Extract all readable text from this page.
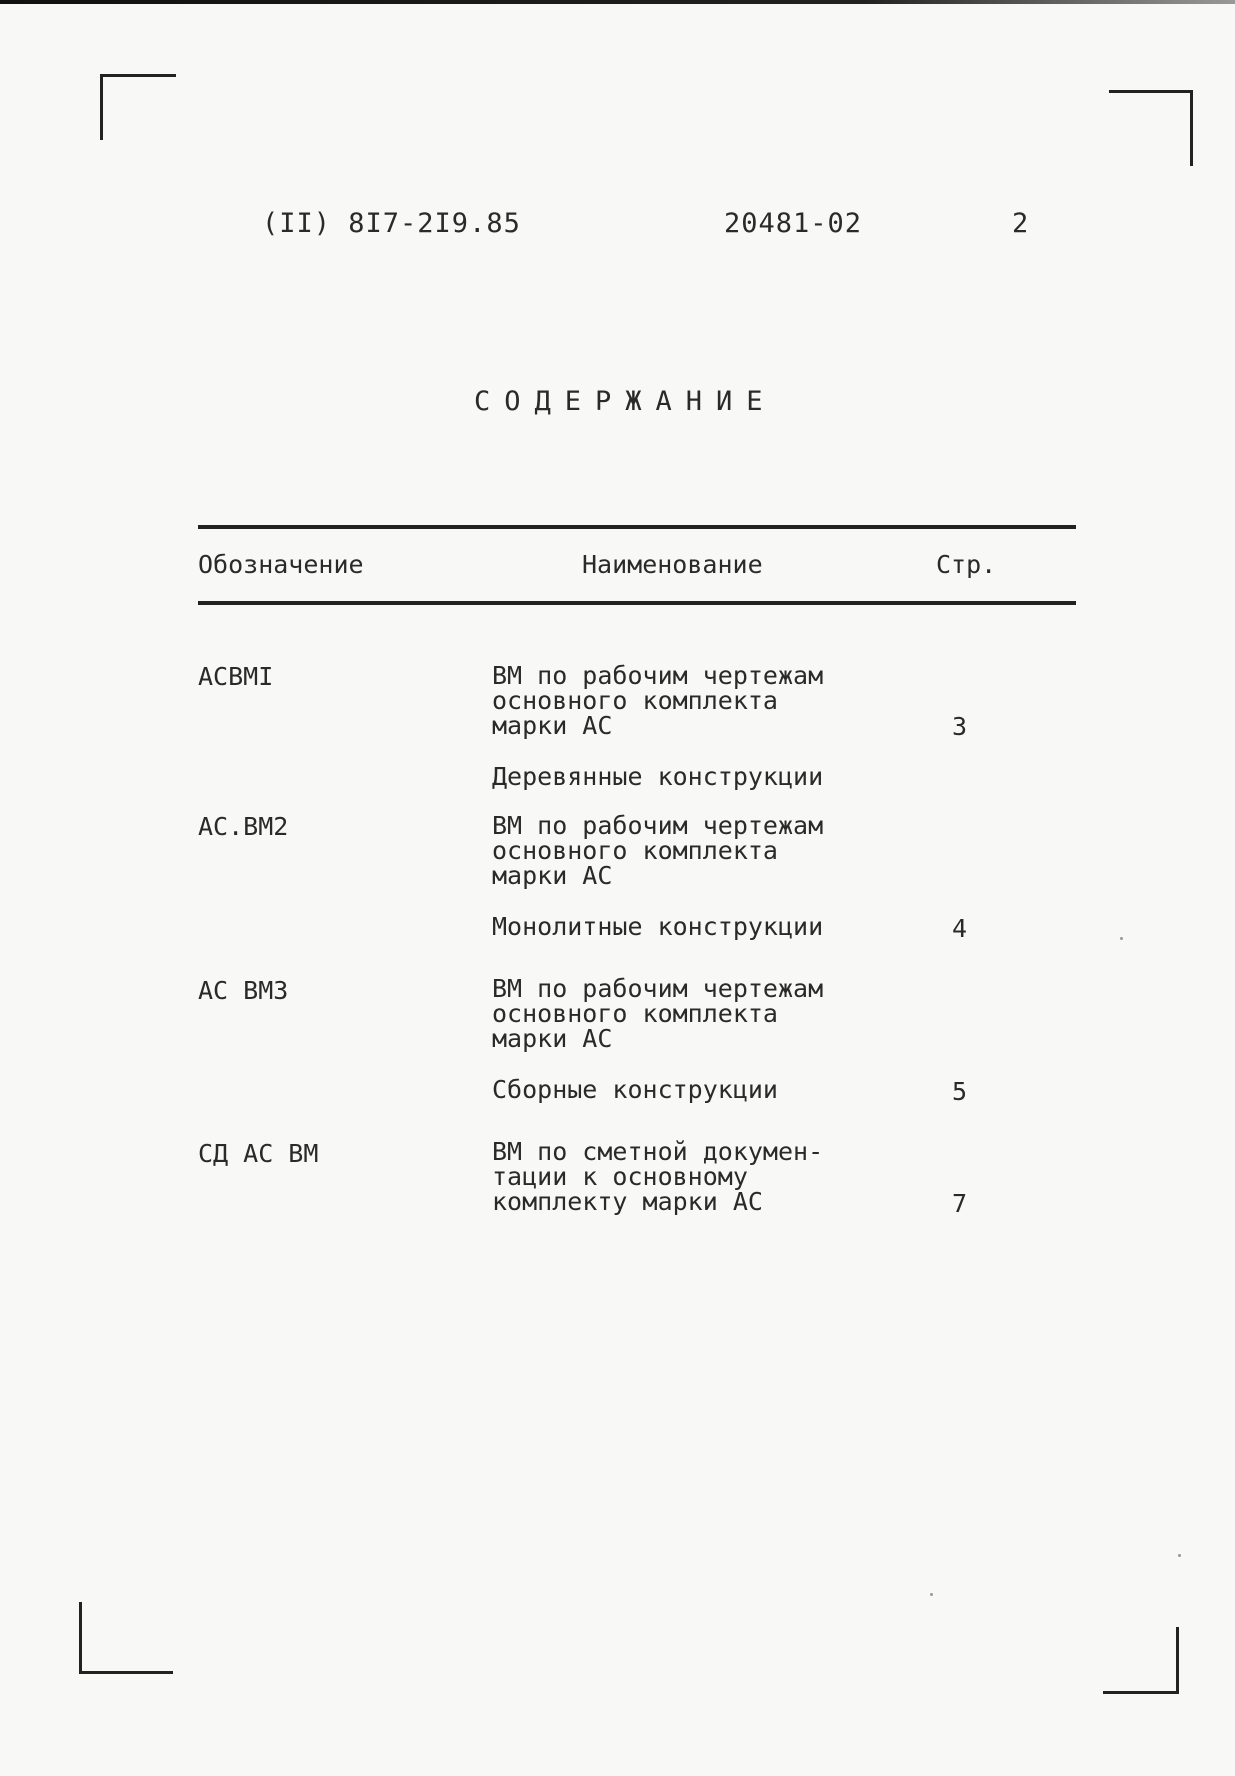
(II) 8I7-2I9.85	20481-02	2
СОДЕРЖАНИЕ
Обозначение	Наименование	Стр.
АСВМI	ВМ по рабочим чертежам
основного комплекта
марки АС	3
Деревянные конструкции
АС.ВМ2	ВМ по рабочим чертежам
основного комплекта
марки АС
Монолитные конструкции	4
АС ВМ3	ВМ по рабочим чертежам
основного комплекта
марки АС
Сборные конструкции	5
СД АС ВМ	ВМ по сметной докумен-
тации к основному
комплекту марки АС	7
